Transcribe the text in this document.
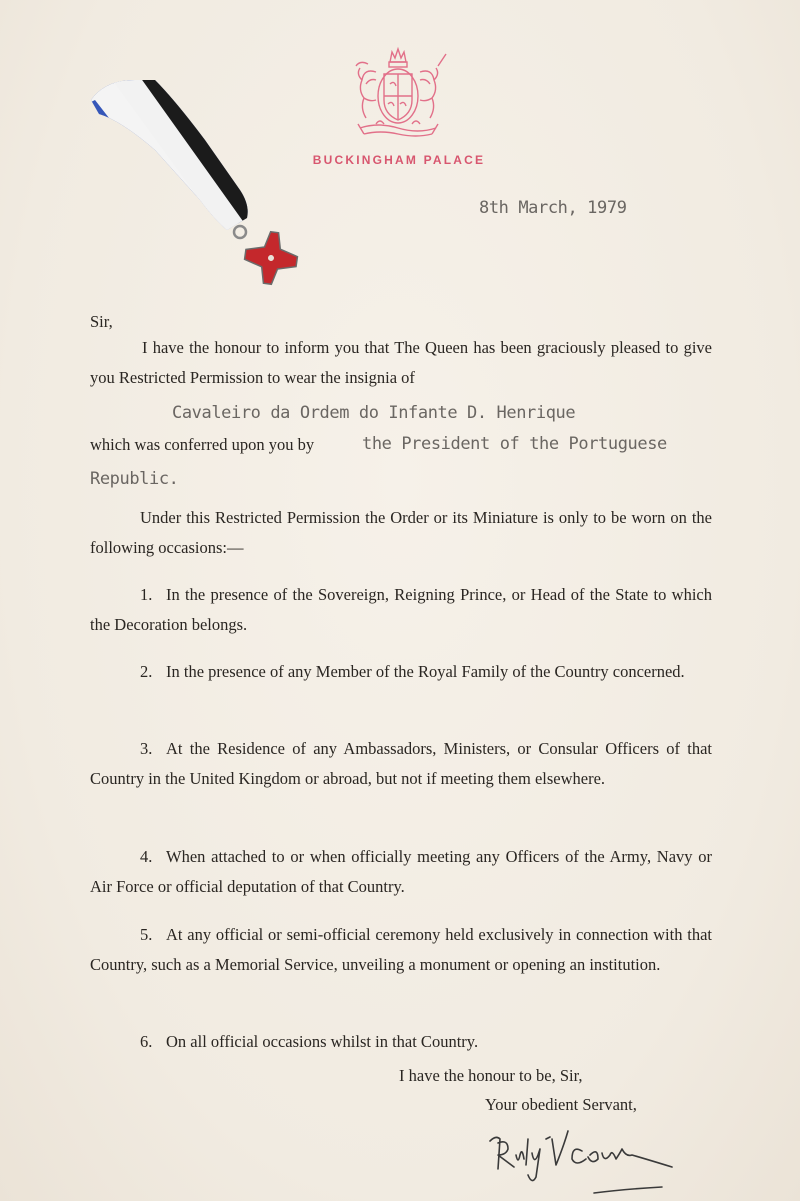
BUCKINGHAM PALACE
8th March, 1979

Sir,

I have the honour to inform you that The Queen has been graciously pleased to give you Restricted Permission to wear the insignia of

Cavaleiro da Ordem do Infante D. Henrique
which was conferred upon you by	the President of the Portuguese
Republic.

Under this Restricted Permission the Order or its Miniature is only to be worn on the following occasions:—

1. In the presence of the Sovereign, Reigning Prince, or Head of the State to which the Decoration belongs.

2. In the presence of any Member of the Royal Family of the Country concerned.

3. At the Residence of any Ambassadors, Ministers, or Consular Officers of that Country in the United Kingdom or abroad, but not if meeting them elsewhere.

4. When attached to or when officially meeting any Officers of the Army, Navy or Air Force or official deputation of that Country.

5. At any official or semi-official ceremony held exclusively in connection with that Country, such as a Memorial Service, unveiling a monument or opening an institution.

6. On all official occasions whilst in that Country.

I have the honour to be, Sir,

Your obedient Servant,
